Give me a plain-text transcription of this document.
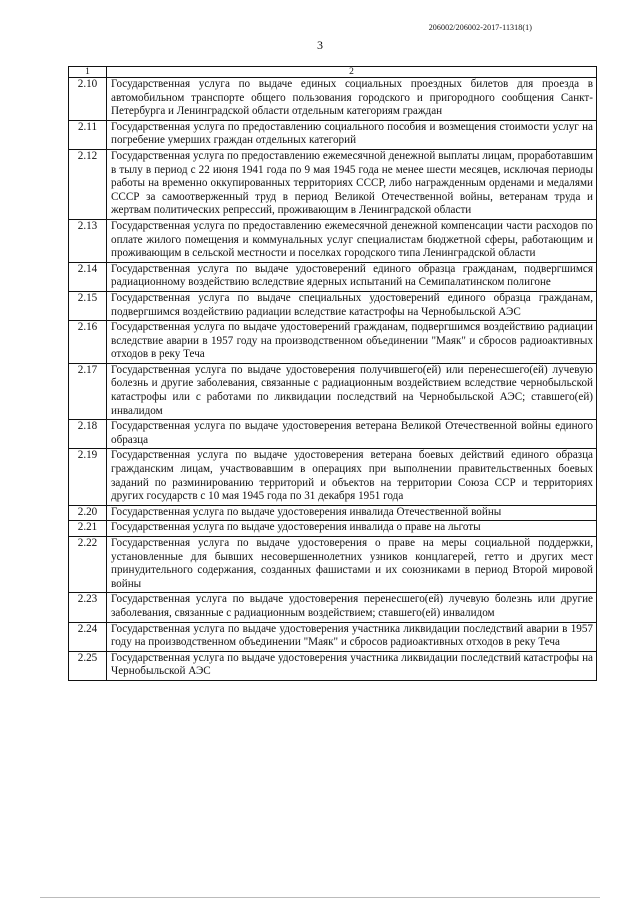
206002/206002-2017-11318(1)
3
1	2
2.10	Государственная услуга по выдаче единых социальных проездных билетов для проезда в автомобильном транспорте общего пользования городского и пригородного сообщения Санкт-Петербурга и Ленинградской области отдельным категориям граждан
2.11	Государственная услуга по предоставлению социального пособия и возмещения стоимости услуг на погребение умерших граждан отдельных категорий
2.12	Государственная услуга по предоставлению ежемесячной денежной выплаты лицам, проработавшим в тылу в период с 22 июня 1941 года по 9 мая 1945 года не менее шести месяцев, исключая периоды работы на временно оккупированных территориях СССР, либо награжденным орденами и медалями СССР за самоотверженный труд в период Великой Отечественной войны, ветеранам труда и жертвам политических репрессий, проживающим в Ленинградской области
2.13	Государственная услуга по предоставлению ежемесячной денежной компенсации части расходов по оплате жилого помещения и коммунальных услуг специалистам бюджетной сферы, работающим и проживающим в сельской местности и поселках городского типа Ленинградской области
2.14	Государственная услуга по выдаче удостоверений единого образца гражданам, подвергшимся радиационному воздействию вследствие ядерных испытаний на Семипалатинском полигоне
2.15	Государственная услуга по выдаче специальных удостоверений единого образца гражданам, подвергшимся воздействию радиации вследствие катастрофы на Чернобыльской АЭС
2.16	Государственная услуга по выдаче удостоверений гражданам, подвергшимся воздействию радиации вследствие аварии в 1957 году на производственном объединении "Маяк" и сбросов радиоактивных отходов в реку Теча
2.17	Государственная услуга по выдаче удостоверения получившего(ей) или перенесшего(ей) лучевую болезнь и другие заболевания, связанные с радиационным воздействием вследствие чернобыльской катастрофы или с работами по ликвидации последствий на Чернобыльской АЭС; ставшего(ей) инвалидом
2.18	Государственная услуга по выдаче удостоверения ветерана Великой Отечественной войны единого образца
2.19	Государственная услуга по выдаче удостоверения ветерана боевых действий единого образца гражданским лицам, участвовавшим в операциях при выполнении правительственных боевых заданий по разминированию территорий и объектов на территории Союза ССР и территориях других государств с 10 мая 1945 года по 31 декабря 1951 года
2.20	Государственная услуга по выдаче удостоверения инвалида Отечественной войны
2.21	Государственная услуга по выдаче удостоверения инвалида о праве на льготы
2.22	Государственная услуга по выдаче удостоверения о праве на меры социальной поддержки, установленные для бывших несовершеннолетних узников концлагерей, гетто и других мест принудительного содержания, созданных фашистами и их союзниками в период Второй мировой войны
2.23	Государственная услуга по выдаче удостоверения перенесшего(ей) лучевую болезнь или другие заболевания, связанные с радиационным воздействием; ставшего(ей) инвалидом
2.24	Государственная услуга по выдаче удостоверения участника ликвидации последствий аварии в 1957 году на производственном объединении "Маяк" и сбросов радиоактивных отходов в реку Теча
2.25	Государственная услуга по выдаче удостоверения участника ликвидации последствий катастрофы на Чернобыльской АЭС
